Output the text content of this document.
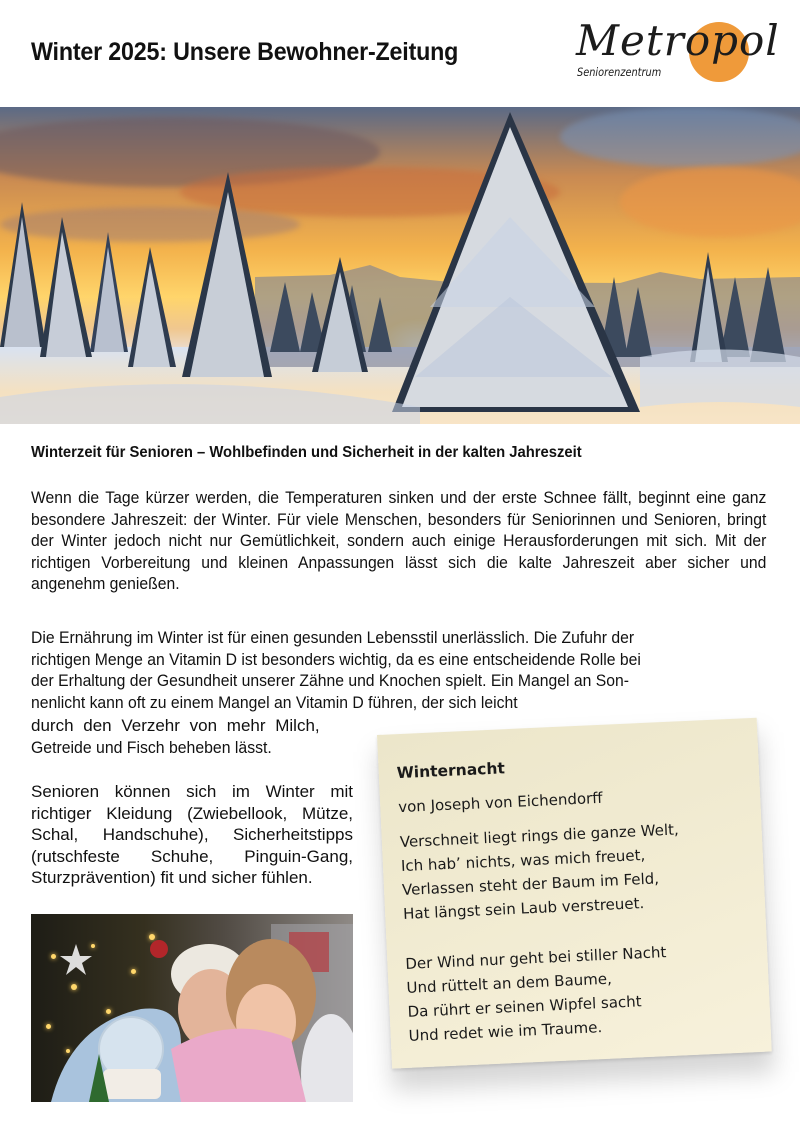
Winter 2025: Unsere Bewohner-Zeitung	Metropol
Seniorenzentrum
Winterzeit für Senioren – Wohlbefinden und Sicherheit in der kalten Jahreszeit

Wenn die Tage kürzer werden, die Temperaturen sinken und der erste Schnee fällt, beginnt eine ganz besondere Jahreszeit: der Winter. Für viele Menschen, besonders für Seniorinnen und Senioren, bringt der Winter jedoch nicht nur Gemütlichkeit, sondern auch einige Herausforderungen mit sich. Mit der richtigen Vorbereitung und kleinen Anpassungen lässt sich die kalte Jahreszeit aber sicher und angenehm genießen.

Die Ernährung im Winter ist für einen gesunden Lebensstil unerlässlich. Die Zufuhr der
richtigen Menge an Vitamin D ist besonders wichtig, da es eine entscheidende Rolle bei
der Erhaltung der Gesundheit unserer Zähne und Knochen spielt. Ein Mangel an Son-
nenlicht kann oft zu einem Mangel an Vitamin D führen, der sich leicht

durch den Verzehr von mehr Milch,
Getreide und Fisch beheben lässt.

Senioren können sich im Winter mit richtiger Kleidung (Zwiebellook, Mütze, Schal, Handschuhe), Sicherheitstipps (rutschfeste Schuhe, Pinguin-Gang, Sturzprävention) fit und sicher fühlen.

Winternacht

von Joseph von Eichendorff

Verschneit liegt rings die ganze Welt,

Ich hab’ nichts, was mich freuet,

Verlassen steht der Baum im Feld,

Hat längst sein Laub verstreuet.

Der Wind nur geht bei stiller Nacht

Und rüttelt an dem Baume,

Da rührt er seinen Wipfel sacht

Und redet wie im Traume.
